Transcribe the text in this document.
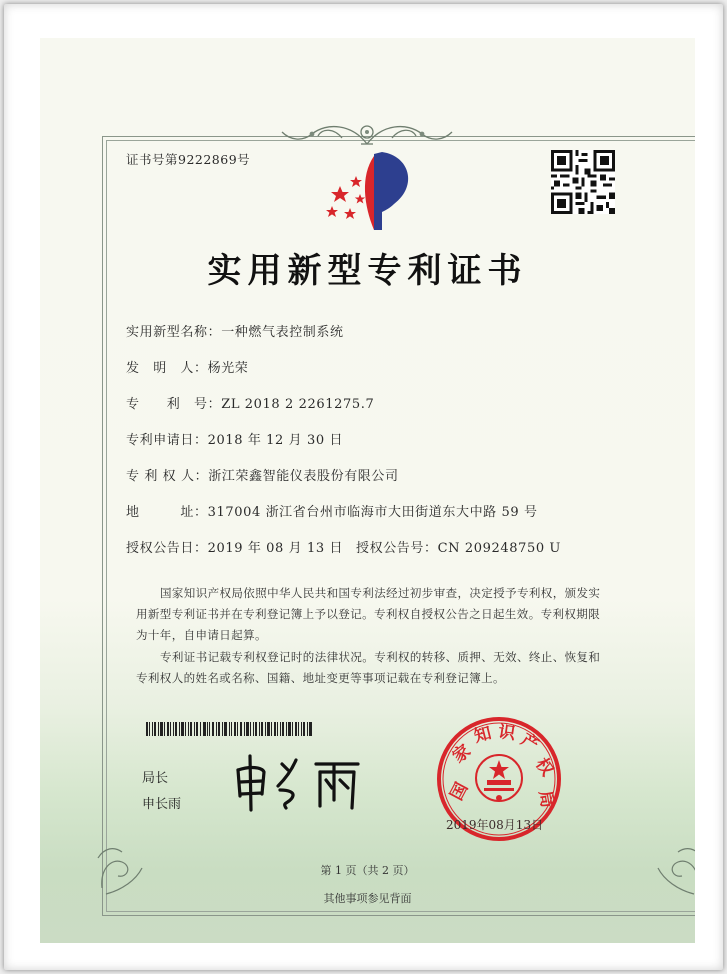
证书号第9222869号
实用新型专利证书
实用新型名称：一种燃气表控制系统
发　明　人：杨光荣
专　　利　号：ZL 2018 2 2261275.7
专利申请日：2018 年 12 月 30 日
专 利 权 人：浙江荣鑫智能仪表股份有限公司
地　　　址：317004 浙江省台州市临海市大田街道东大中路 59 号
授权公告日：2019 年 08 月 13 日 授权公告号：CN 209248750 U
国家知识产权局依照中华人民共和国专利法经过初步审查，决定授予专利权，颁发实用新型专利证书并在专利登记簿上予以登记。专利权自授权公告之日起生效。专利权期限为十年，自申请日起算。
专利证书记载专利权登记时的法律状况。专利权的转移、质押、无效、终止、恢复和专利权人的姓名或名称、国籍、地址变更等事项记载在专利登记簿上。
局长
申长雨
国
家
知 识 产
权
局
2019年08月13日
第 1 页（共 2 页）
其他事项参见背面
